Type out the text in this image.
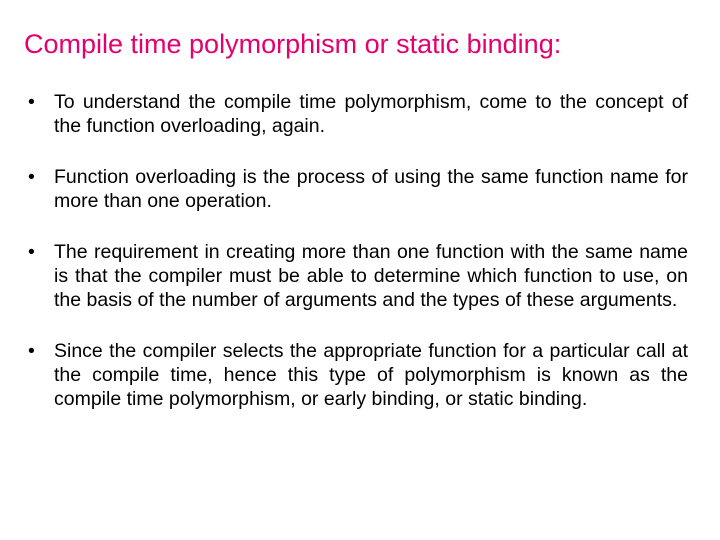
Compile time polymorphism or static binding:
• To understand the compile time polymorphism, come to the concept of the function overloading, again.
• Function overloading is the process of using the same function name for more than one operation.
• The requirement in creating more than one function with the same name is that the compiler must be able to determine which function to use, on the basis of the number of arguments and the types of these arguments.
• Since the compiler selects the appropriate function for a particular call at the compile time, hence this type of polymorphism is known as the compile time polymorphism, or early binding, or static binding.
